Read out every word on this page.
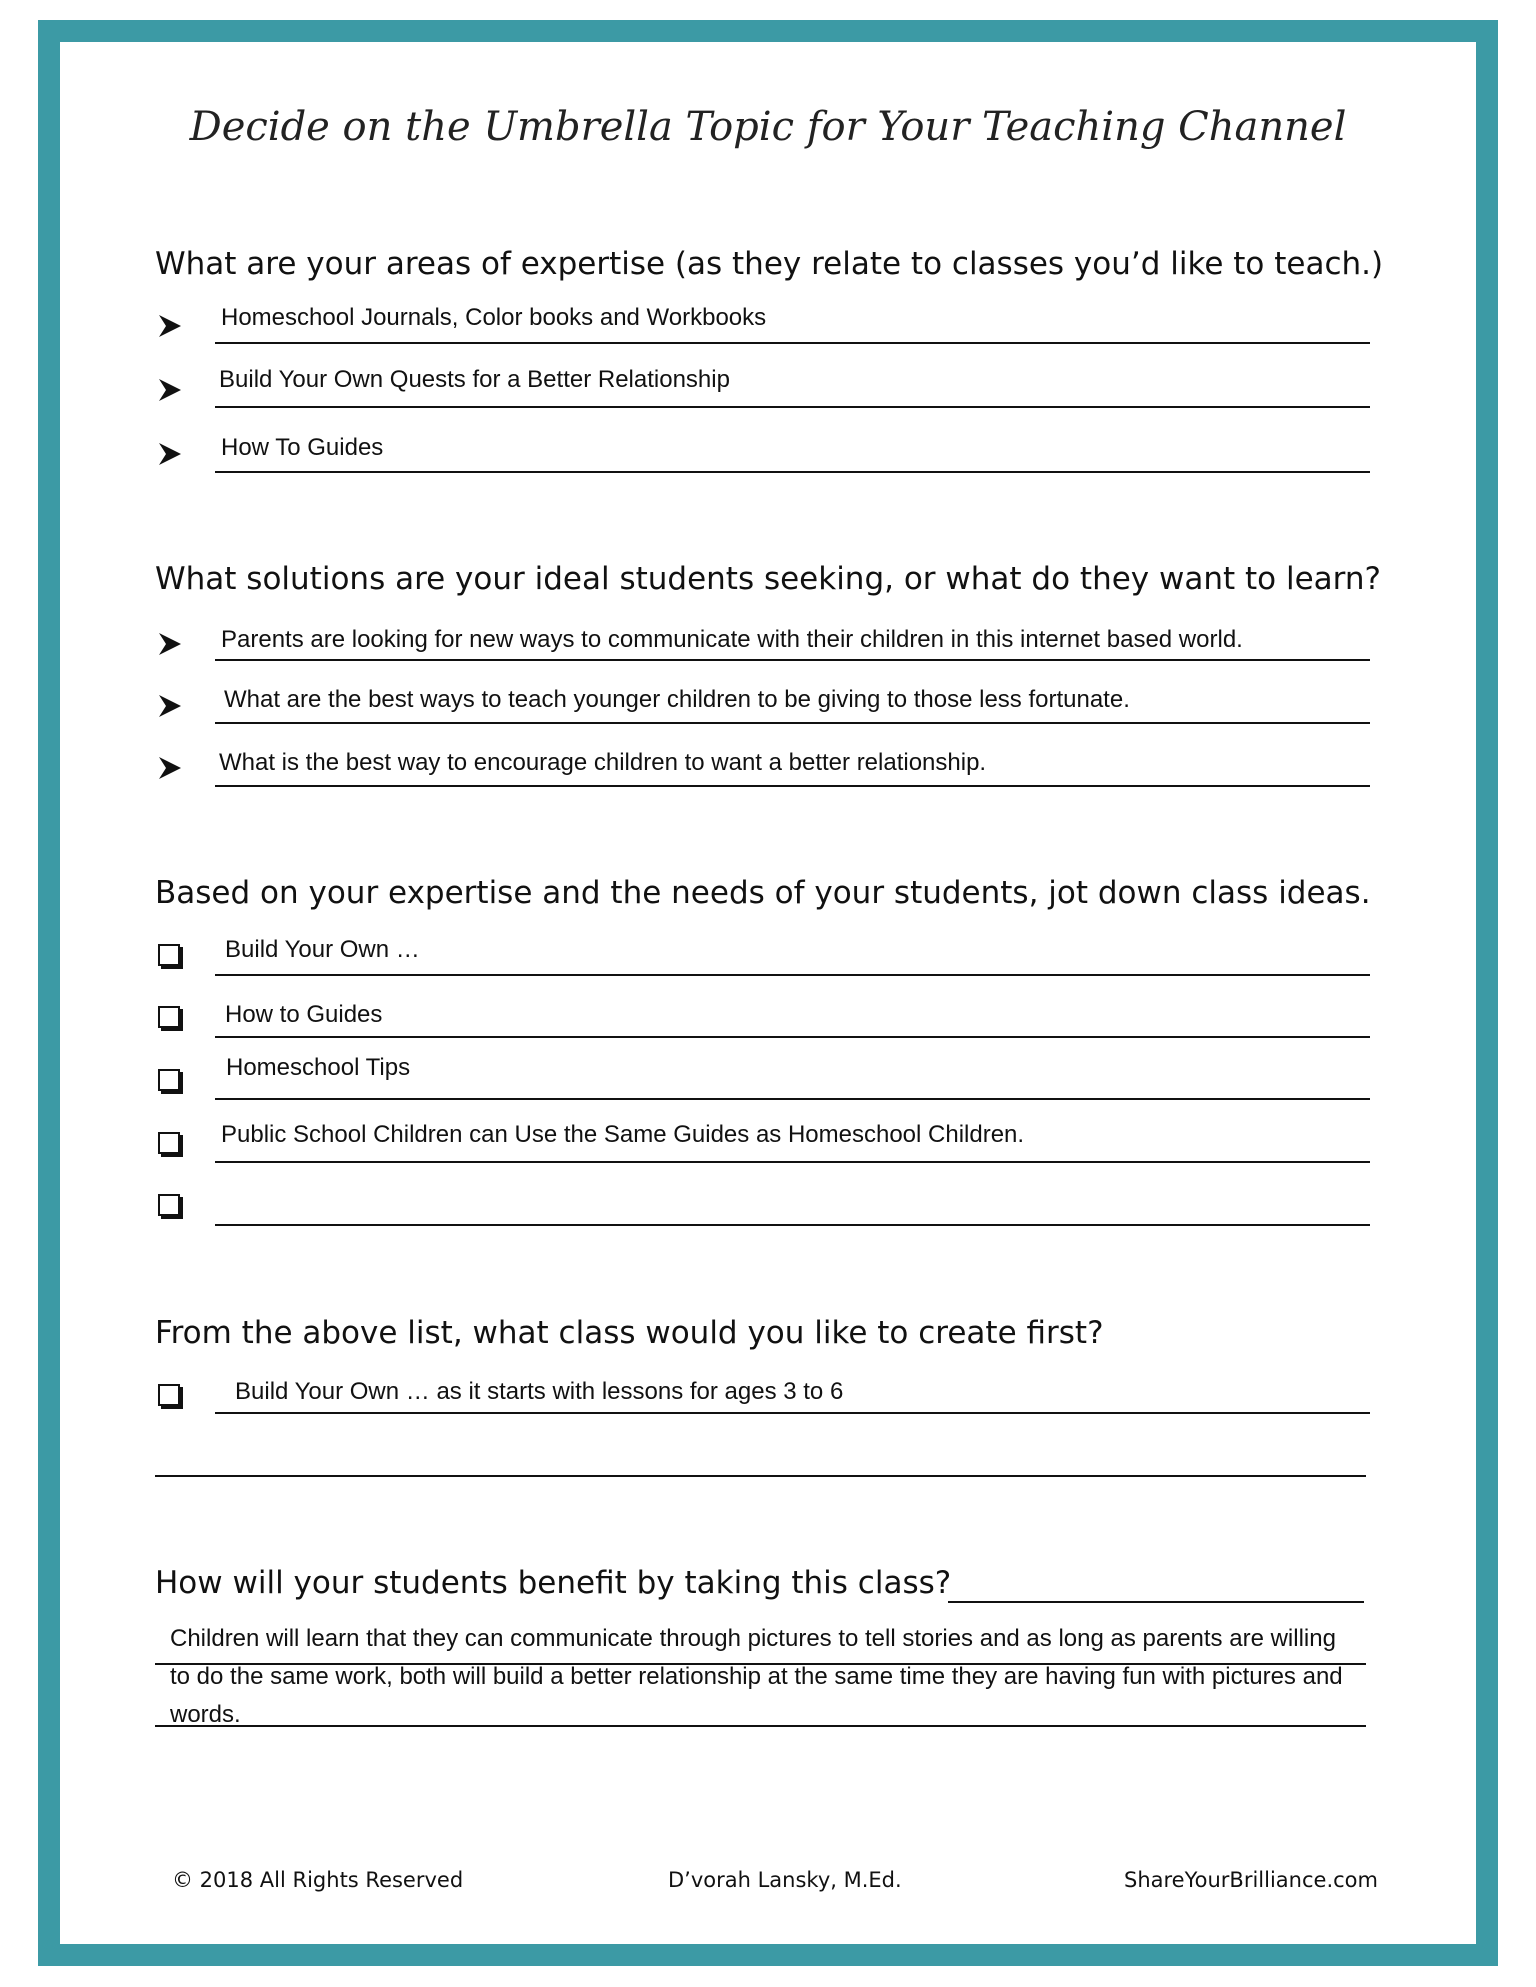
Decide on the Umbrella Topic for Your Teaching Channel
What are your areas of expertise (as they relate to classes you’d like to teach.)
Homeschool Journals, Color books and Workbooks
Build Your Own Quests for a Better Relationship
How To Guides
What solutions are your ideal students seeking, or what do they want to learn?
Parents are looking for new ways to communicate with their children in this internet based world.
What are the best ways to teach younger children to be giving to those less fortunate.
What is the best way to encourage children to want a better relationship.
Based on your expertise and the needs of your students, jot down class ideas.
Build Your Own …
How to Guides
Homeschool Tips
Public School Children can Use the Same Guides as Homeschool Children.
From the above list, what class would you like to create first?
Build Your Own … as it starts with lessons for ages 3 to 6
How will your students benefit by taking this class?
Children will learn that they can communicate through pictures to tell stories and as long as parents are willing to do the same work, both will build a better relationship at the same time they are having fun with pictures and words.
© 2018 All Rights Reserved	D’vorah Lansky, M.Ed.	ShareYourBrilliance.com
